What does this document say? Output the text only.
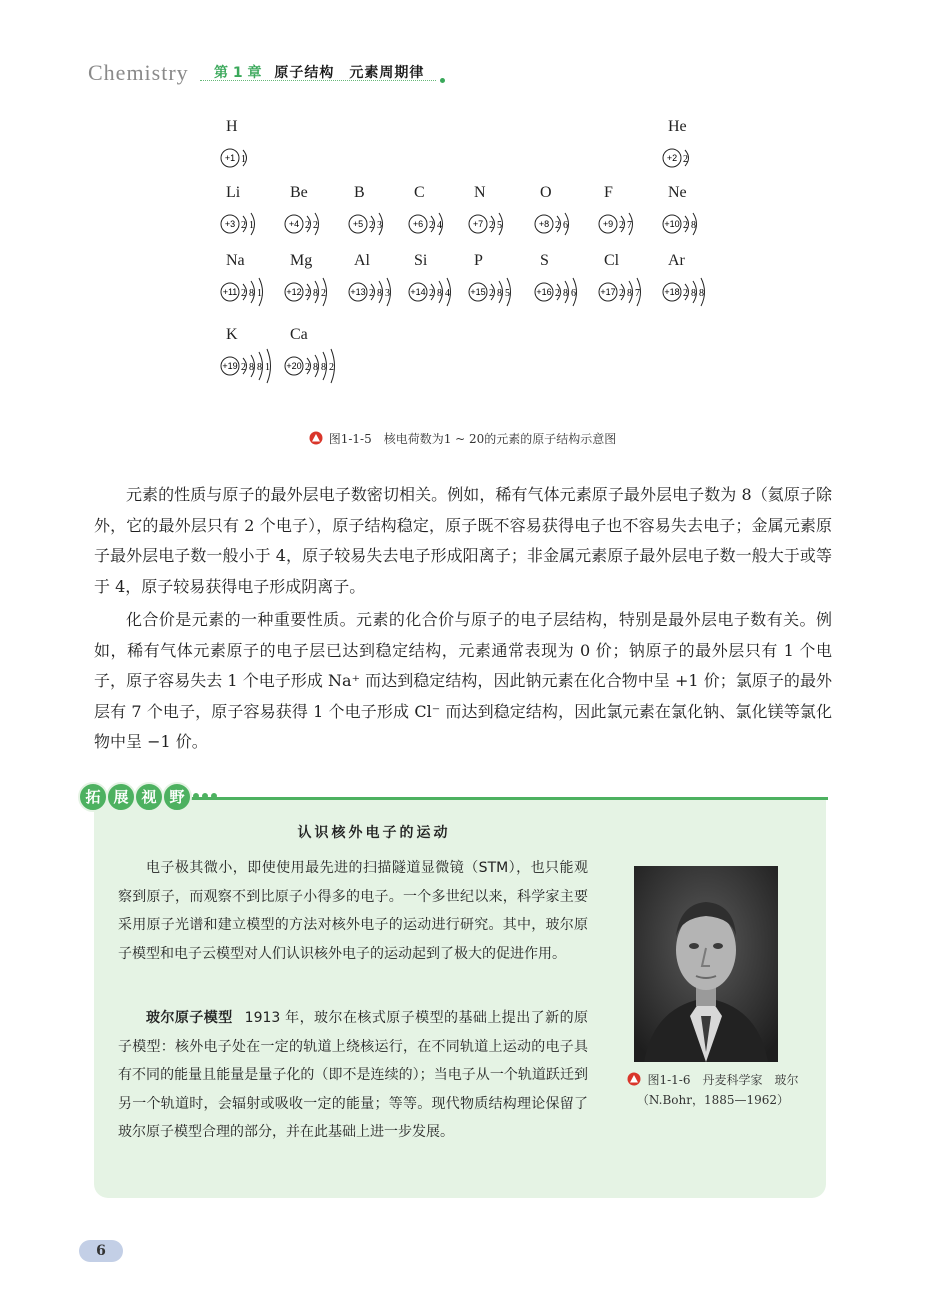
Chemistry 第 1 章 原子结构　元素周期律
H
+1 1
He
+2 2
Li
+3 2 1
Be
+4 2 2
B
+5 2 3
C
+6 2 4
N
+7 2 5
O
+8 2 6
F
+9 2 7
Ne
+10 2 8
Na
+11 2 8 1
Mg
+12 2 8 2
Al
+13 2 8 3
Si
+14 2 8 4
P
+15 2 8 5
S
+16 2 8 6
Cl
+17 2 8 7
Ar
+18 2 8 8
K
+19 2 8 8 1
Ca
+20 2 8 8 2
图1-1-5　核电荷数为1 ~ 20的元素的原子结构示意图
元素的性质与原子的最外层电子数密切相关。例如，稀有气体元素原子最外层电子数为 8（氦原子除外，它的最外层只有 2 个电子），原子结构稳定，原子既不容易获得电子也不容易失去电子；金属元素原子最外层电子数一般小于 4，原子较易失去电子形成阳离子；非金属元素原子最外层电子数一般大于或等于 4，原子较易获得电子形成阴离子。
化合价是元素的一种重要性质。元素的化合价与原子的电子层结构，特别是最外层电子数有关。例如，稀有气体元素原子的电子层已达到稳定结构，元素通常表现为 0 价；钠原子的最外层只有 1 个电子，原子容易失去 1 个电子形成 Na⁺ 而达到稳定结构，因此钠元素在化合物中呈 +1 价；氯原子的最外层有 7 个电子，原子容易获得 1 个电子形成 Cl⁻ 而达到稳定结构，因此氯元素在氯化钠、氯化镁等氯化物中呈 −1 价。
拓 展 视 野
认识核外电子的运动
电子极其微小，即使使用最先进的扫描隧道显微镜（STM），也只能观察到原子，而观察不到比原子小得多的电子。一个多世纪以来，科学家主要采用原子光谱和建立模型的方法对核外电子的运动进行研究。其中，玻尔原子模型和电子云模型对人们认识核外电子的运动起到了极大的促进作用。
玻尔原子模型 1913 年，玻尔在核式原子模型的基础上提出了新的原子模型：核外电子处在一定的轨道上绕核运行，在不同轨道上运动的电子具有不同的能量且能量是量子化的（即不是连续的）；当电子从一个轨道跃迁到另一个轨道时，会辐射或吸收一定的能量；等等。现代物质结构理论保留了玻尔原子模型合理的部分，并在此基础上进一步发展。
图1-1-6　丹麦科学家　玻尔
（N.Bohr，1885—1962）
6
